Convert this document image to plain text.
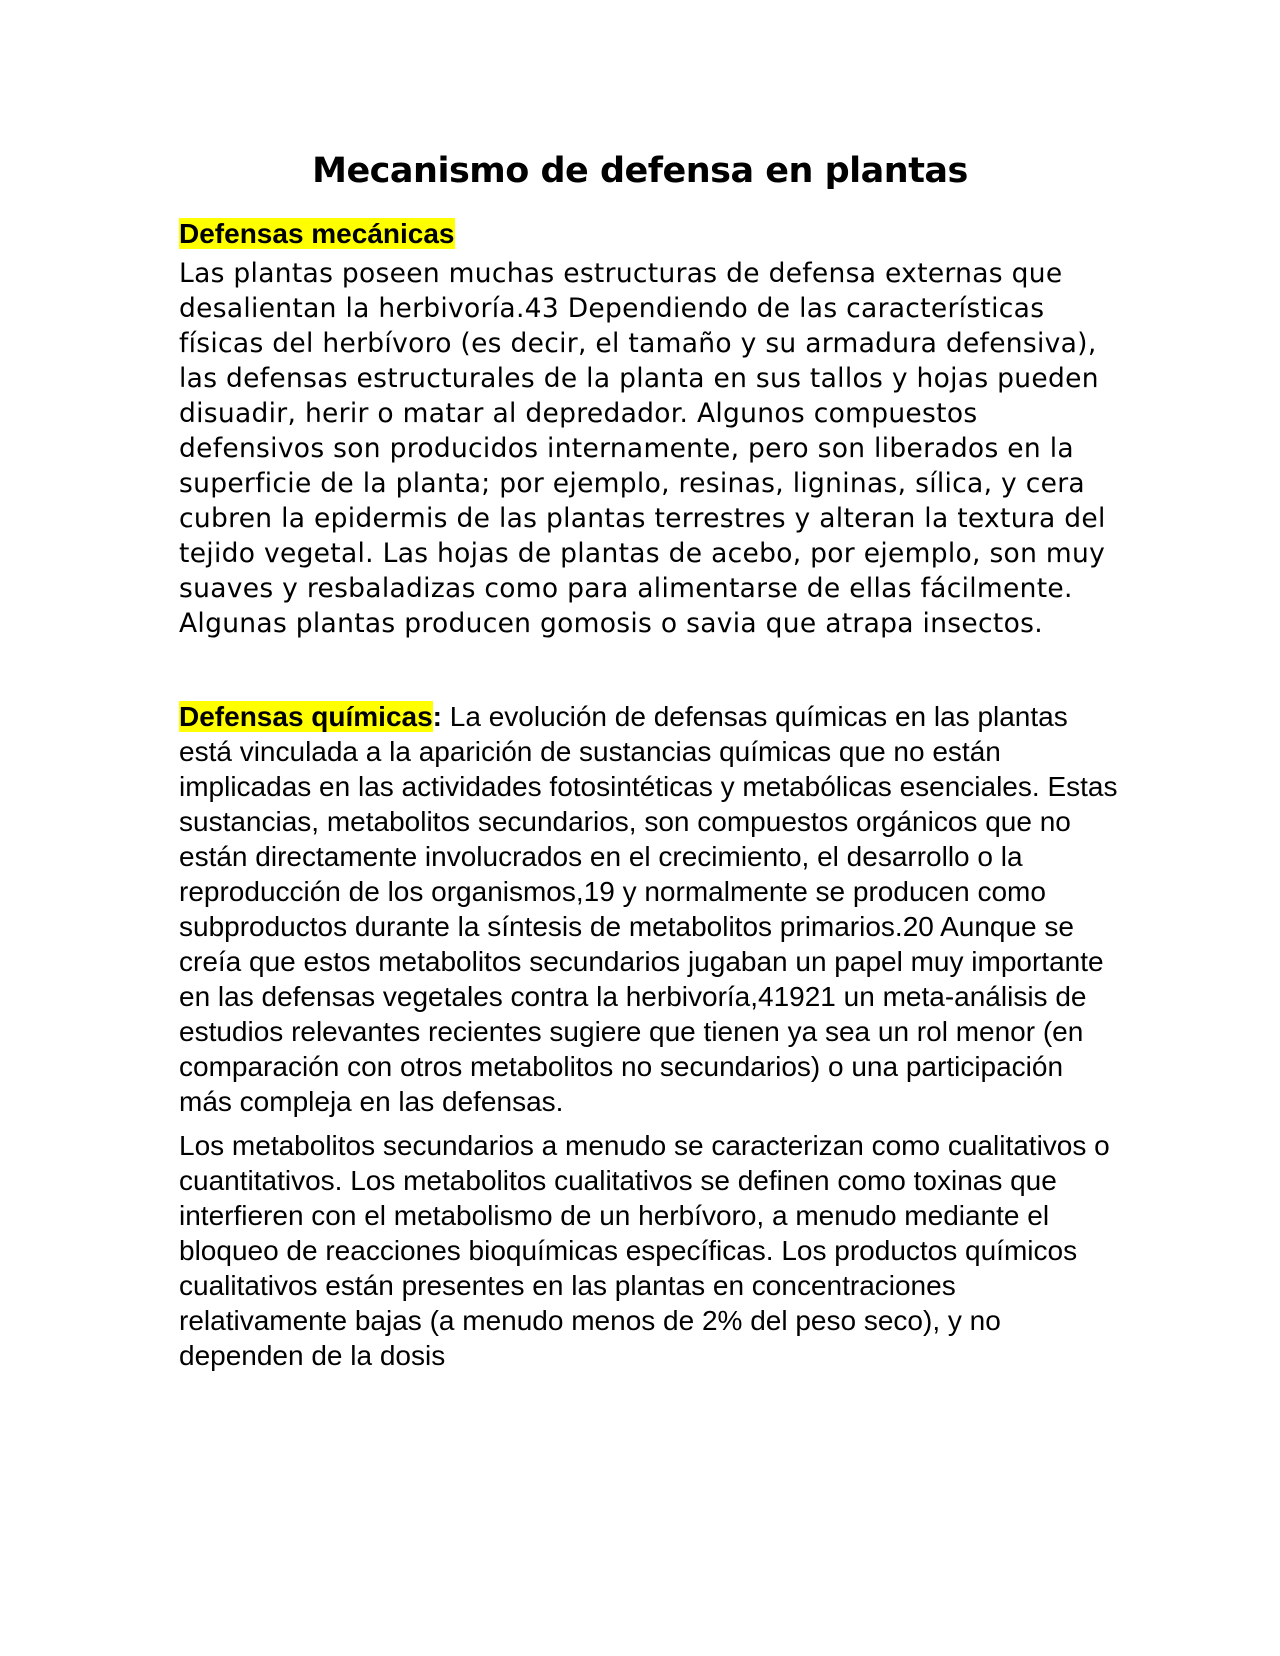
Mecanismo de defensa en plantas
Defensas mecánicas

Las plantas poseen muchas estructuras de defensa externas que desalientan la herbivoría.43 Dependiendo de las características físicas del herbívoro (es decir, el tamaño y su armadura defensiva), las defensas estructurales de la planta en sus tallos y hojas pueden disuadir, herir o matar al depredador. Algunos compuestos defensivos son producidos internamente, pero son liberados en la superficie de la planta; por ejemplo, resinas, ligninas, sílica, y cera cubren la epidermis de las plantas terrestres y alteran la textura del tejido vegetal. Las hojas de plantas de acebo, por ejemplo, son muy suaves y resbaladizas como para alimentarse de ellas fácilmente. Algunas plantas producen gomosis o savia que atrapa insectos.

Defensas químicas: La evolución de defensas químicas en las plantas está vinculada a la aparición de sustancias químicas que no están implicadas en las actividades fotosintéticas y metabólicas esenciales. Estas sustancias, metabolitos secundarios, son compuestos orgánicos que no están directamente involucrados en el crecimiento, el desarrollo o la reproducción de los organismos,19 y normalmente se producen como subproductos durante la síntesis de metabolitos primarios.20 Aunque se creía que estos metabolitos secundarios jugaban un papel muy importante en las defensas vegetales contra la herbivoría,41921 un meta-análisis de estudios relevantes recientes sugiere que tienen ya sea un rol menor (en comparación con otros metabolitos no secundarios) o una participación más compleja en las defensas.

Los metabolitos secundarios a menudo se caracterizan como cualitativos o cuantitativos. Los metabolitos cualitativos se definen como toxinas que interfieren con el metabolismo de un herbívoro, a menudo mediante el bloqueo de reacciones bioquímicas específicas. Los productos químicos cualitativos están presentes en las plantas en concentraciones relativamente bajas (a menudo menos de 2% del peso seco), y no dependen de la dosis
